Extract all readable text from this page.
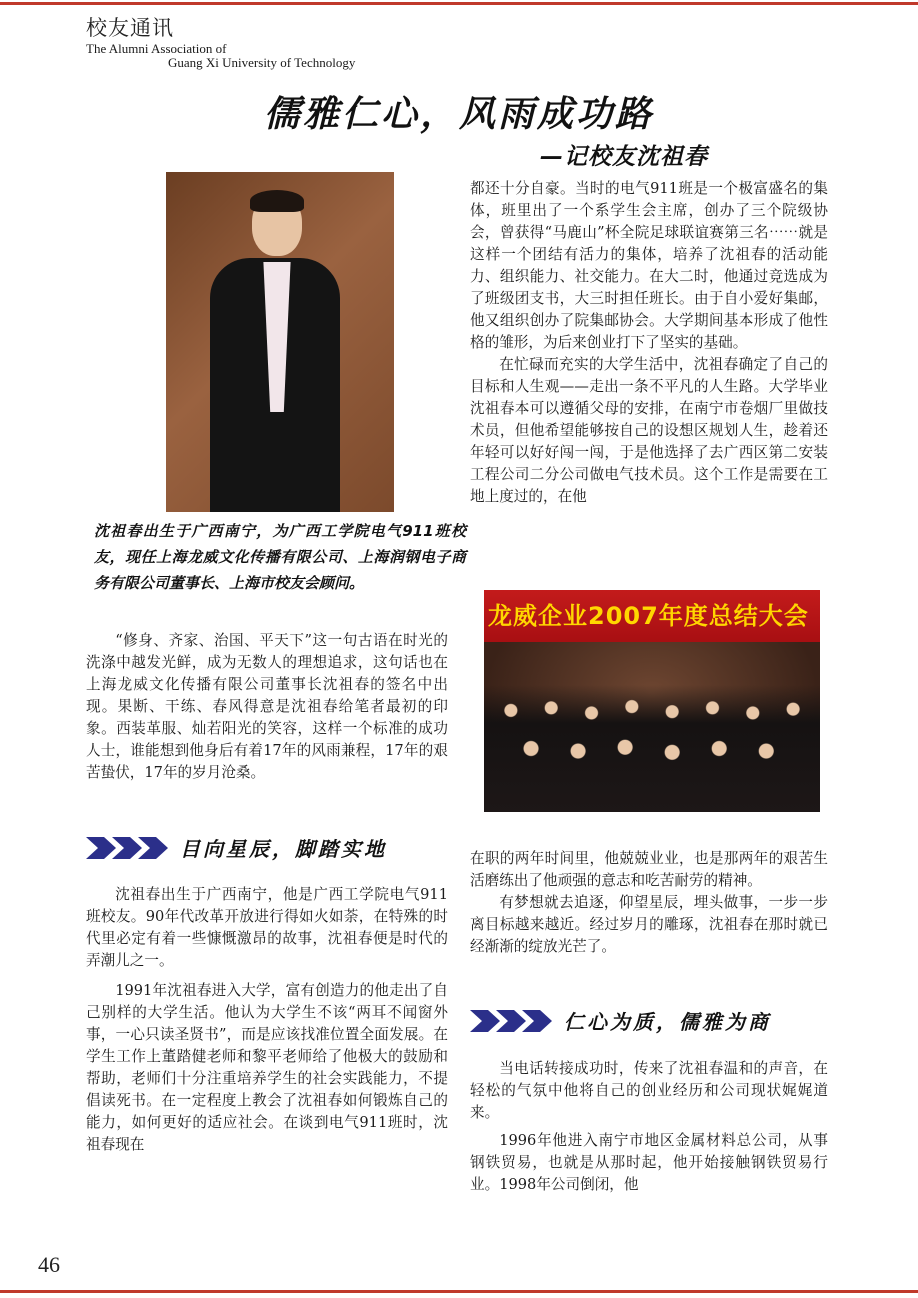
校友通讯
The Alumni Association of
Guang Xi University of Technology
儒雅仁心，风雨成功路
—记校友沈祖春
沈祖春出生于广西南宁，为广西工学院电气911班校友，现任上海龙威文化传播有限公司、上海润钢电子商务有限公司董事长、上海市校友会顾问。

“修身、齐家、治国、平天下”这一句古语在时光的洗涤中越发光鲜，成为无数人的理想追求，这句话也在上海龙威文化传播有限公司董事长沈祖春的签名中出现。果断、干练、春风得意是沈祖春给笔者最初的印象。西装革服、灿若阳光的笑容，这样一个标准的成功人士，谁能想到他身后有着17年的风雨兼程，17年的艰苦蛰伏，17年的岁月沧桑。

目向星辰，脚踏实地

沈祖春出生于广西南宁，他是广西工学院电气911班校友。90年代改革开放进行得如火如荼，在特殊的时代里必定有着一些慷慨激昂的故事，沈祖春便是时代的弄潮儿之一。

1991年沈祖春进入大学，富有创造力的他走出了自己别样的大学生活。他认为大学生不该“两耳不闻窗外事，一心只读圣贤书”，而是应该找准位置全面发展。在学生工作上董踏健老师和黎平老师给了他极大的鼓励和帮助，老师们十分注重培养学生的社会实践能力，不提倡读死书。在一定程度上教会了沈祖春如何锻炼自己的能力，如何更好的适应社会。在谈到电气911班时，沈祖春现在

都还十分自豪。当时的电气911班是一个极富盛名的集体，班里出了一个系学生会主席，创办了三个院级协会，曾获得“马鹿山”杯全院足球联谊赛第三名⋯⋯就是这样一个团结有活力的集体，培养了沈祖春的活动能力、组织能力、社交能力。在大二时，他通过竞选成为了班级团支书，大三时担任班长。由于自小爱好集邮，他又组织创办了院集邮协会。大学期间基本形成了他性格的雏形，为后来创业打下了坚实的基础。

在忙碌而充实的大学生活中，沈祖春确定了自己的目标和人生观——走出一条不平凡的人生路。大学毕业沈祖春本可以遵循父母的安排，在南宁市卷烟厂里做技术员，但他希望能够按自己的设想区规划人生，趁着还年轻可以好好闯一闯，于是他选择了去广西区第二安装工程公司二分公司做电气技术员。这个工作是需要在工地上度过的，在他

龙威企业2007年度总结大会

在职的两年时间里，他兢兢业业，也是那两年的艰苦生活磨练出了他顽强的意志和吃苦耐劳的精神。

有梦想就去追逐，仰望星辰，埋头做事，一步一步离目标越来越近。经过岁月的雕琢，沈祖春在那时就已经渐渐的绽放光芒了。

仁心为质，儒雅为商

当电话转接成功时，传来了沈祖春温和的声音，在轻松的气氛中他将自己的创业经历和公司现状娓娓道来。

1996年他进入南宁市地区金属材料总公司，从事钢铁贸易，也就是从那时起，他开始接触钢铁贸易行业。1998年公司倒闭，他

46
